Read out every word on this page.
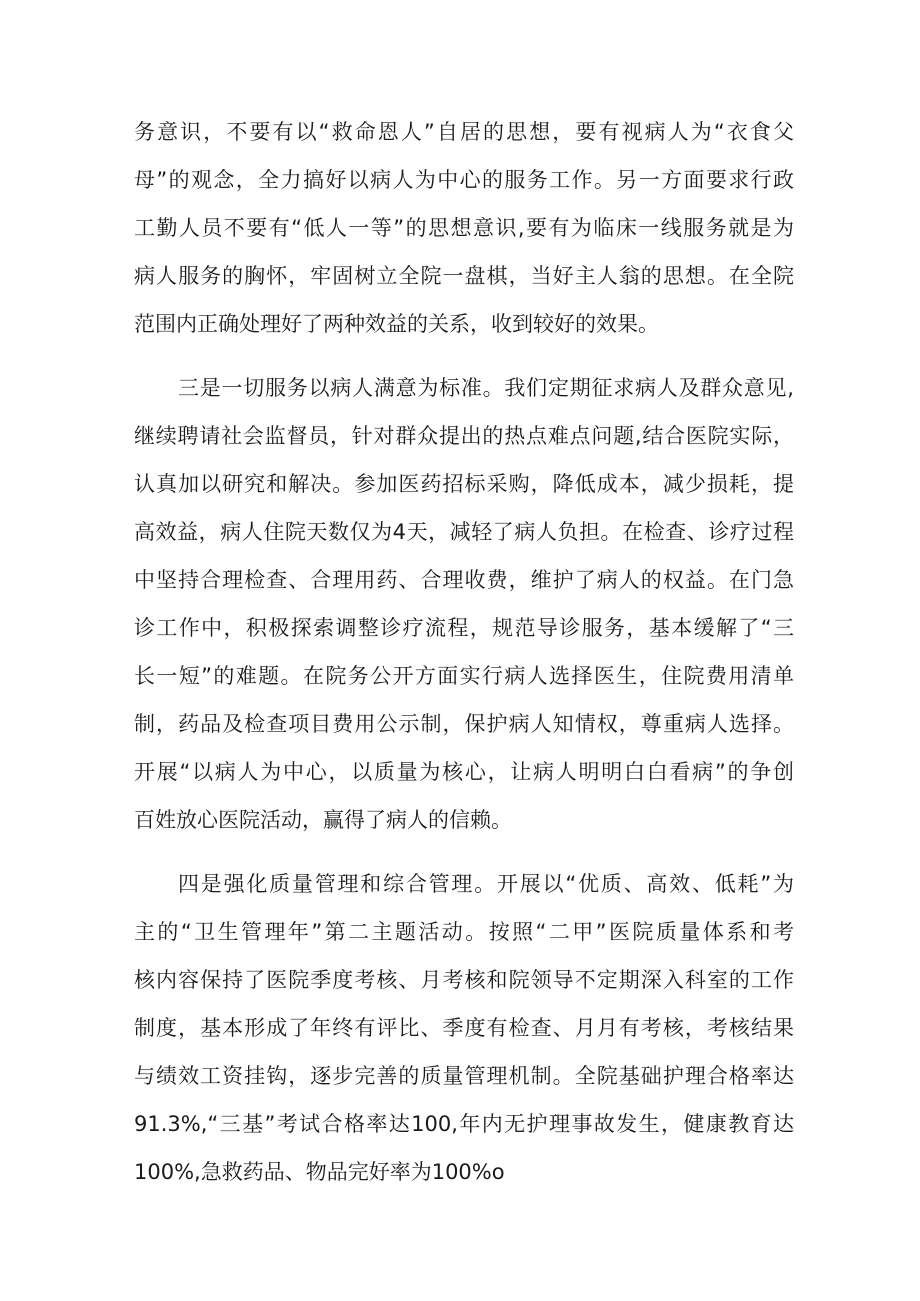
务意识，不要有以“救命恩人”自居的思想，要有视病人为“衣食父
母”的观念，全力搞好以病人为中心的服务工作。另一方面要求行政
工勤人员不要有“低人一等”的思想意识,要有为临床一线服务就是为
病人服务的胸怀，牢固树立全院一盘棋，当好主人翁的思想。在全院
范围内正确处理好了两种效益的关系，收到较好的效果。
三是一切服务以病人满意为标准。我们定期征求病人及群众意见,
继续聘请社会监督员，针对群众提出的热点难点问题,结合医院实际，
认真加以研究和解决。参加医药招标采购，降低成本，减少损耗，提
高效益，病人住院天数仅为4天，减轻了病人负担。在检查、诊疗过程
中坚持合理检查、合理用药、合理收费，维护了病人的权益。在门急
诊工作中，积极探索调整诊疗流程，规范导诊服务，基本缓解了“三
长一短”的难题。在院务公开方面实行病人选择医生，住院费用清单
制，药品及检查项目费用公示制，保护病人知情权，尊重病人选择。
开展“以病人为中心，以质量为核心，让病人明明白白看病”的争创
百姓放心医院活动，赢得了病人的信赖。
四是强化质量管理和综合管理。开展以“优质、高效、低耗”为
主的“卫生管理年”第二主题活动。按照“二甲”医院质量体系和考
核内容保持了医院季度考核、月考核和院领导不定期深入科室的工作
制度，基本形成了年终有评比、季度有检查、月月有考核，考核结果
与绩效工资挂钩，逐步完善的质量管理机制。全院基础护理合格率达
91.3%,“三基”考试合格率达100,年内无护理事故发生，健康教育达
100%,急救药品、物品完好率为100%o
